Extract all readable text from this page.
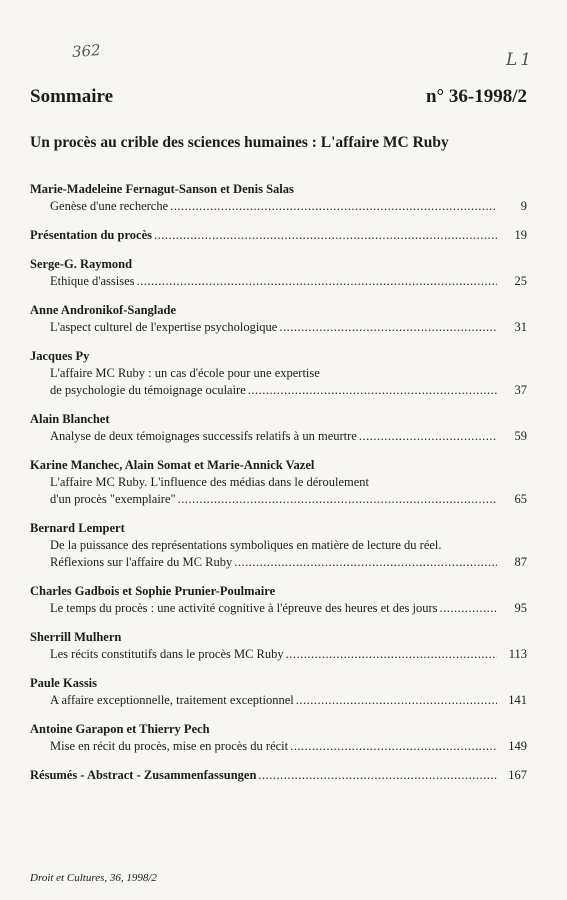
362	L1
Sommaire	n° 36-1998/2
Un procès au crible des sciences humaines : L'affaire MC Ruby
Marie-Madeleine Fernagut-Sanson et Denis Salas
Genèse d'une recherche .....	9
Présentation du procès .....	19
Serge-G. Raymond
Ethique d'assises .....	25
Anne Andronikof-Sanglade
L'aspect culturel de l'expertise psychologique .....	31
Jacques Py
L'affaire MC Ruby : un cas d'école pour une expertise
de psychologie du témoignage oculaire .....	37
Alain Blanchet
Analyse de deux témoignages successifs relatifs à un meurtre .....	59
Karine Manchec, Alain Somat et Marie-Annick Vazel
L'affaire MC Ruby. L'influence des médias dans le déroulement
d'un procès "exemplaire" .....	65
Bernard Lempert
De la puissance des représentations symboliques en matière de lecture du réel.
Réflexions sur l'affaire du MC Ruby .....	87
Charles Gadbois et Sophie Prunier-Poulmaire
Le temps du procès : une activité cognitive à l'épreuve des heures et des jours .....	95
Sherrill Mulhern
Les récits constitutifs dans le procès MC Ruby .....	113
Paule Kassis
A affaire exceptionnelle, traitement exceptionnel .....	141
Antoine Garapon et Thierry Pech
Mise en récit du procès, mise en procès du récit .....	149
Résumés - Abstract - Zusammenfassungen .....	167
Droit et Cultures, 36, 1998/2
